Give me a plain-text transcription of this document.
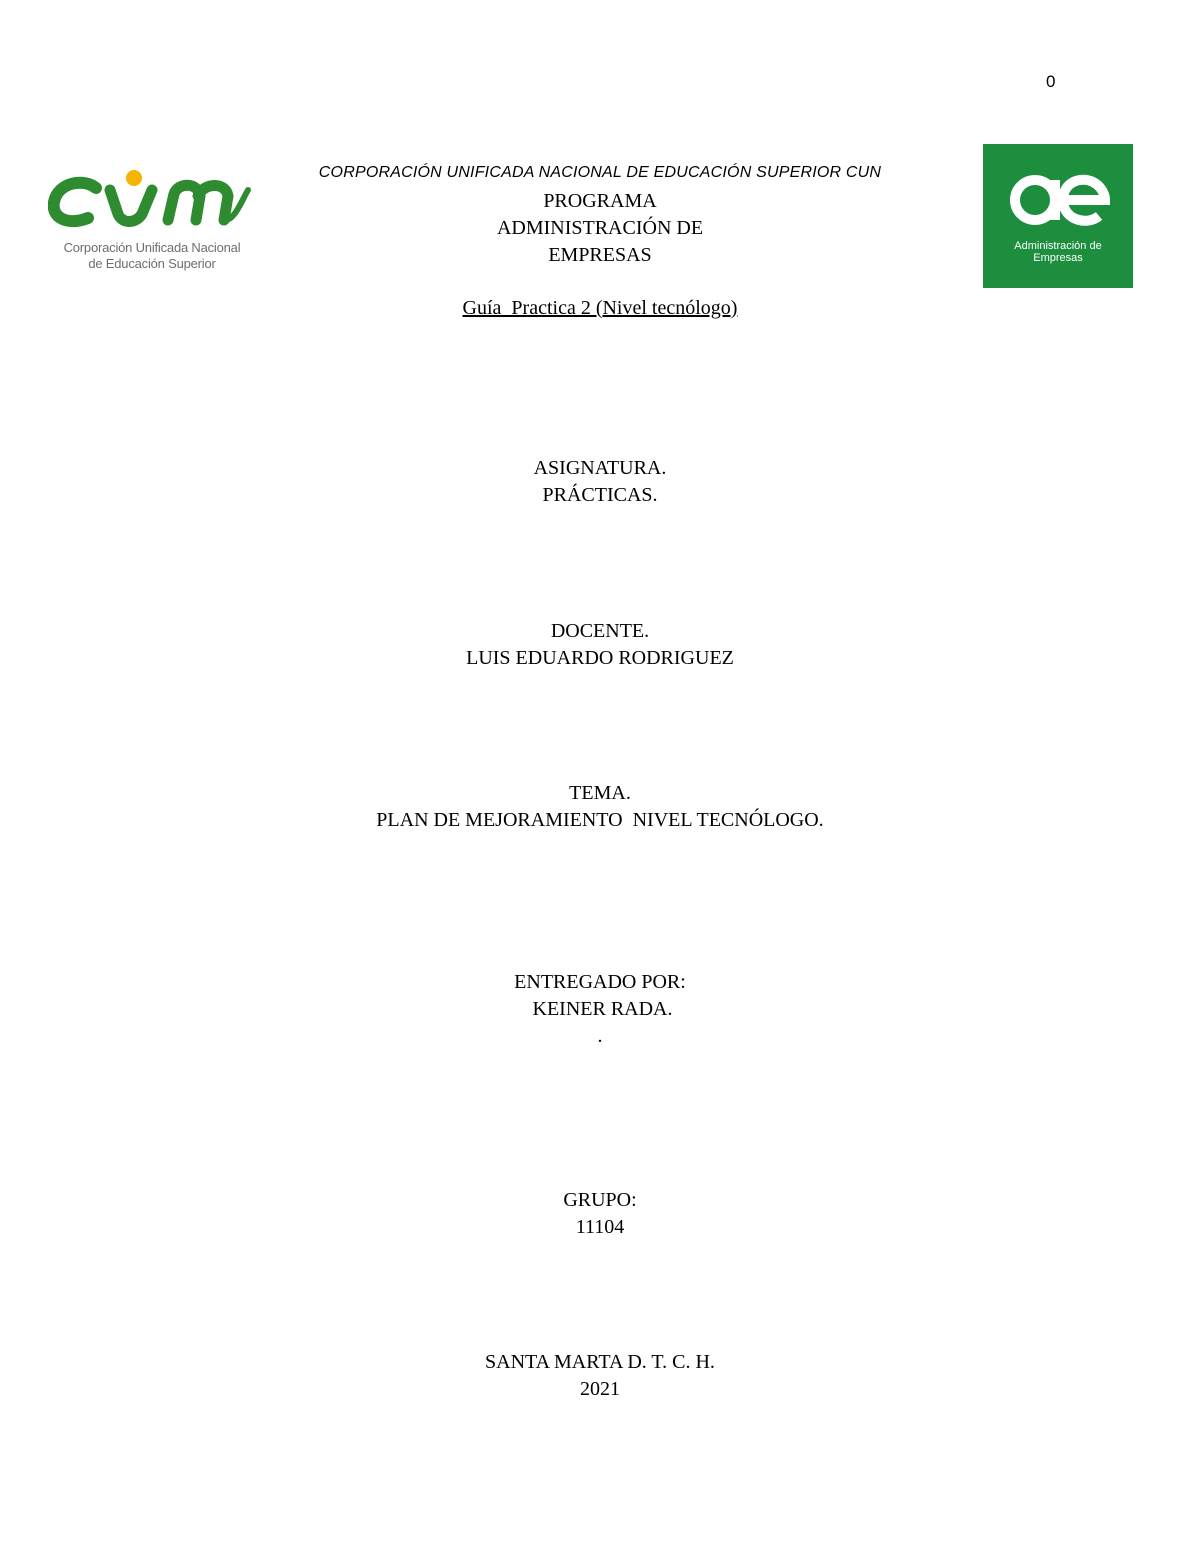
0
Corporación Unificada Nacional
de Educación Superior
Administración de
Empresas
CORPORACIÓN UNIFICADA NACIONAL DE EDUCACIÓN SUPERIOR CUN
PROGRAMA
ADMINISTRACIÓN DE
EMPRESAS
Guía  Practica 2 (Nivel tecnólogo)
ASIGNATURA.
PRÁCTICAS.
DOCENTE.
LUIS EDUARDO RODRIGUEZ
TEMA.
PLAN DE MEJORAMIENTO  NIVEL TECNÓLOGO.
ENTREGADO POR:
KEINER RADA.
.
GRUPO:
11104
SANTA MARTA D. T. C. H.
2021
